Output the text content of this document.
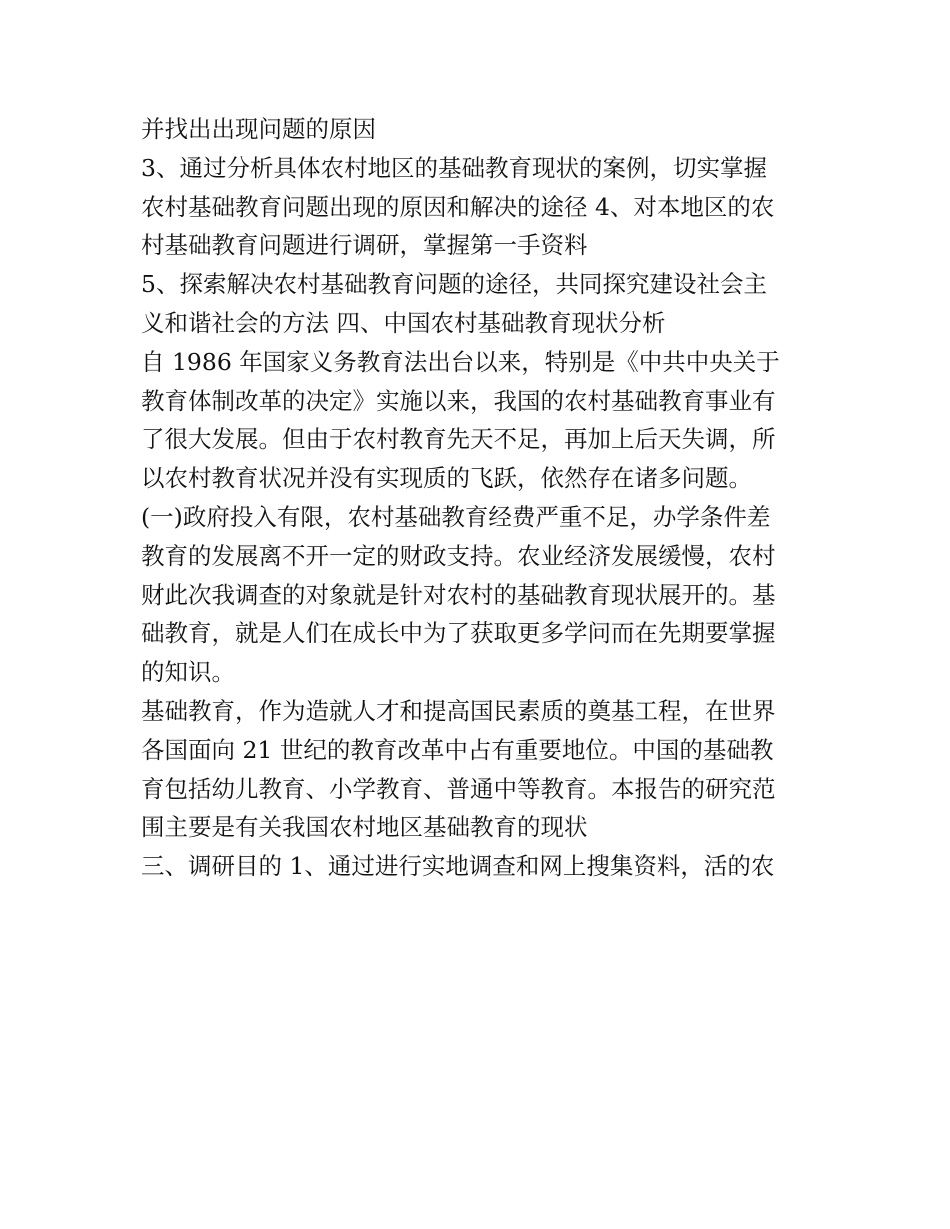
并找出出现问题的原因

3、通过分析具体农村地区的基础教育现状的案例，切实掌握

农村基础教育问题出现的原因和解决的途径 4、对本地区的农

村基础教育问题进行调研，掌握第一手资料

5、探索解决农村基础教育问题的途径，共同探究建设社会主

义和谐社会的方法 四、中国农村基础教育现状分析

自 1986 年国家义务教育法出台以来，特别是《中共中央关于

教育体制改革的决定》实施以来，我国的农村基础教育事业有

了很大发展。但由于农村教育先天不足，再加上后天失调，所

以农村教育状况并没有实现质的飞跃，依然存在诸多问题。

(一)政府投入有限，农村基础教育经费严重不足，办学条件差

教育的发展离不开一定的财政支持。农业经济发展缓慢，农村

财此次我调查的对象就是针对农村的基础教育现状展开的。基

础教育，就是人们在成长中为了获取更多学问而在先期要掌握

的知识。

基础教育，作为造就人才和提高国民素质的奠基工程，在世界

各国面向 21 世纪的教育改革中占有重要地位。中国的基础教

育包括幼儿教育、小学教育、普通中等教育。本报告的研究范

围主要是有关我国农村地区基础教育的现状

三、调研目的 1、通过进行实地调查和网上搜集资料，活的农
